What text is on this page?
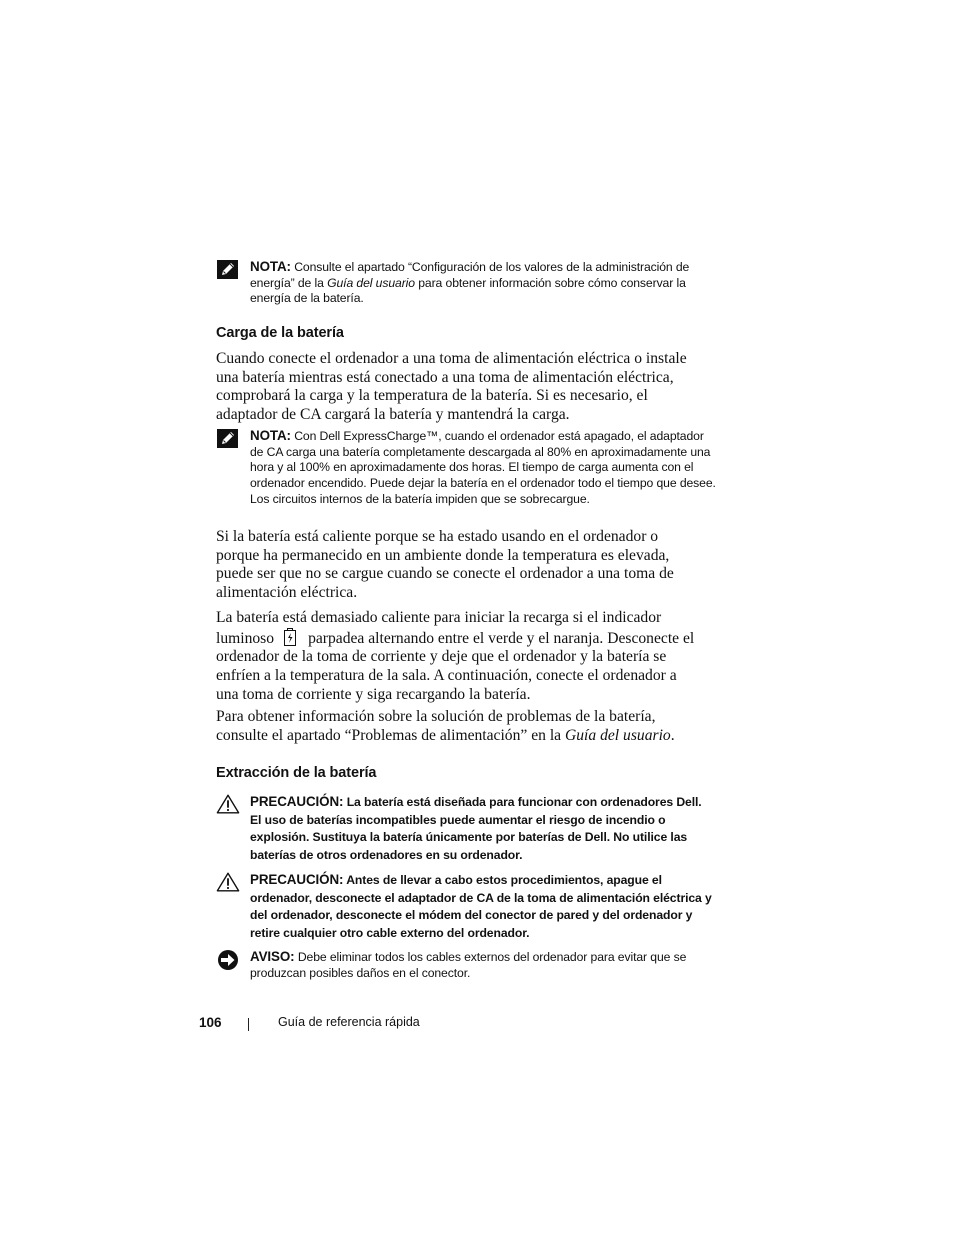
NOTA: Consulte el apartado “Configuración de los valores de la administración de energía” de la Guía del usuario para obtener información sobre cómo conservar la energía de la batería.
Carga de la batería
Cuando conecte el ordenador a una toma de alimentación eléctrica o instale
una batería mientras está conectado a una toma de alimentación eléctrica,
comprobará la carga y la temperatura de la batería. Si es necesario, el
adaptador de CA cargará la batería y mantendrá la carga.
NOTA: Con Dell ExpressCharge™, cuando el ordenador está apagado, el adaptador de CA carga una batería completamente descargada al 80% en aproximadamente una hora y al 100% en aproximadamente dos horas. El tiempo de carga aumenta con el ordenador encendido. Puede dejar la batería en el ordenador todo el tiempo que desee. Los circuitos internos de la batería impiden que se sobrecargue.
Si la batería está caliente porque se ha estado usando en el ordenador o
porque ha permanecido en un ambiente donde la temperatura es elevada,
puede ser que no se cargue cuando se conecte el ordenador a una toma de
alimentación eléctrica.
La batería está demasiado caliente para iniciar la recarga si el indicador
luminoso parpadea alternando entre el verde y el naranja. Desconecte el
ordenador de la toma de corriente y deje que el ordenador y la batería se
enfríen a la temperatura de la sala. A continuación, conecte el ordenador a
una toma de corriente y siga recargando la batería.
Para obtener información sobre la solución de problemas de la batería,
consulte el apartado “Problemas de alimentación” en la Guía del usuario.
Extracción de la batería
PRECAUCIÓN: La batería está diseñada para funcionar con ordenadores Dell. El uso de baterías incompatibles puede aumentar el riesgo de incendio o explosión. Sustituya la batería únicamente por baterías de Dell. No utilice las baterías de otros ordenadores en su ordenador.
PRECAUCIÓN: Antes de llevar a cabo estos procedimientos, apague el ordenador, desconecte el adaptador de CA de la toma de alimentación eléctrica y del ordenador, desconecte el módem del conector de pared y del ordenador y retire cualquier otro cable externo del ordenador.
AVISO: Debe eliminar todos los cables externos del ordenador para evitar que se produzcan posibles daños en el conector.
106	Guía de referencia rápida
